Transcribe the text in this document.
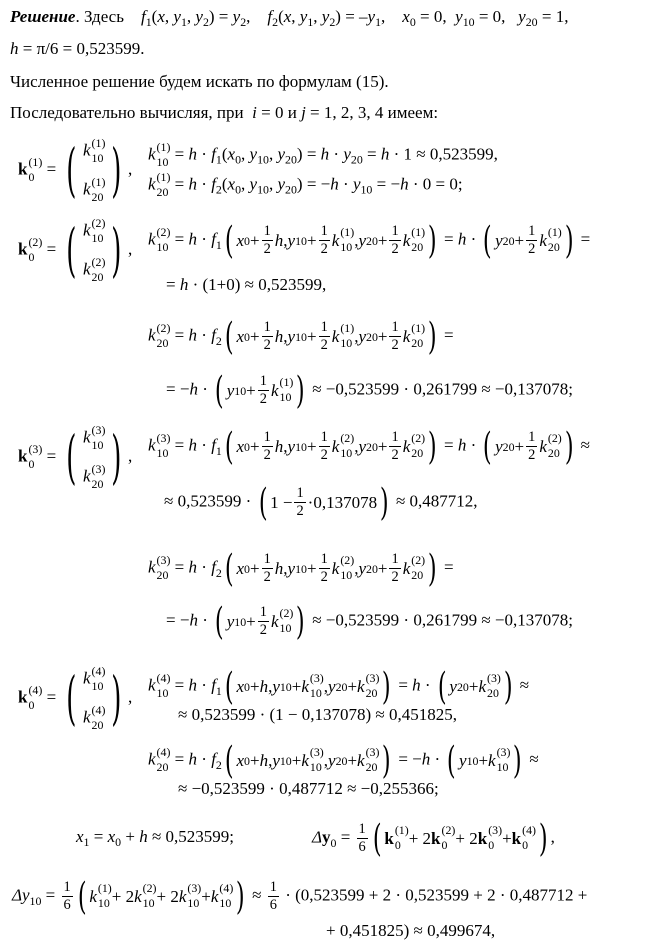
Решение. Здесь $f_1(x$, $y_1$, $y_2) = y_2$,    $f_2(x$, $y_1$, $y_2) = -y_1$,    $x_0 = 0$,  $y_{10} = 0$,   $y_{20} = 1$,
h = π/6 = 0,523599.
Численное решение будем искать по формулам (15).
Последовательно вычисляя, при i = 0 и j = 1, 2, 3, 4 имеем:
k (1)
0 = ( k (1)
10
k (1)
20 ) ,
k (1)
$10 = h \cdot f_1(x_0$, $y_{10}$, $y_{20}) = h \cdot y_{20} = h \cdot 1 \approx 0,523599$,
k (1)
$20 = h \cdot f_2(x_0$, $y_{10}$, $y_{20}) = -h \cdot y_{10} = -h \cdot 0 = 0$;
k (2)
0 = ( k (2)
10
k (2)
20 ) ,
k (2)
$10 = h \cdot f_1$ ( x 0 +
1
2 h , y 10 +
1
2 k (1)
10 , y 20 +
1
2 k (1)
20 ) = h · ( y 20 +
1
2 k (1)
20 ) =
= h · (1+0) ≈ 0,523599,
k (2)
$20 = h \cdot f_2$ ( x 0 +
1
2 h , y 10 +
1
2 k (1)
10 , y 20 +
1
2 k (1)
20 ) =
= −h · ( y 10 +
1
2 k (1)
10 ) ≈ −0,523599 · 0,261799 ≈ −0,137078;
k (3)
0 = ( k (3)
10
k (3)
20 ) ,
k (3)
$10 = h \cdot f_1$ ( x 0 +
1
2 h , y 10 +
1
2 k (2)
10 , y 20 +
1
2 k (2)
20 ) = h · ( y 20 +
1
2 k (2)
20 ) ≈
≈ 0,523599 · ( 1 −
1
2 · 0,137078 ) ≈ 0,487712,
k (3)
$20 = h \cdot f_2$ ( x 0 +
1
2 h , y 10 +
1
2 k (2)
10 , y 20 +
1
2 k (2)
20 ) =
= −h · ( y 10 +
1
2 k (2)
10 ) ≈ −0,523599 · 0,261799 ≈ −0,137078;
k (4)
0 = ( k (4)
10
k (4)
20 ) ,
k (4)
$10 = h \cdot f_1$ ( x 0 + h , y 10 + k (3)
10 , y 20 + k (3)
20 ) = h · ( y 20 + k (3)
20 ) ≈
≈ 0,523599 · (1 − 0,137078) ≈ 0,451825,
k (4)
$20 = h \cdot f_2$ ( x 0 + h , y 10 + k (3)
10 , y 20 + k (3)
20 ) = −h · ( y 10 + k (3)
10 ) ≈
≈ −0,523599 · 0,487712 ≈ −0,255366;
$x_1 = x_0 + h \approx 0,523599$;	$\Delta y_0 = \frac{1}{6}$ ( k (1)
0 + 2 k (2)
0 + 2 k (3)
0 + k (4)
0 ) ,
$\Delta y_{10} = \frac{1}{6}$ ( k (1)
10 + 2 k (2)
10 + 2 k (3)
10 + k (4)
10 ) ≈ $\frac{1}{6} \cdot (0,523599 + 2 \cdot 0,523599 + 2 \cdot 0,487712$ +
+ 0,451825) ≈ 0,499674,
